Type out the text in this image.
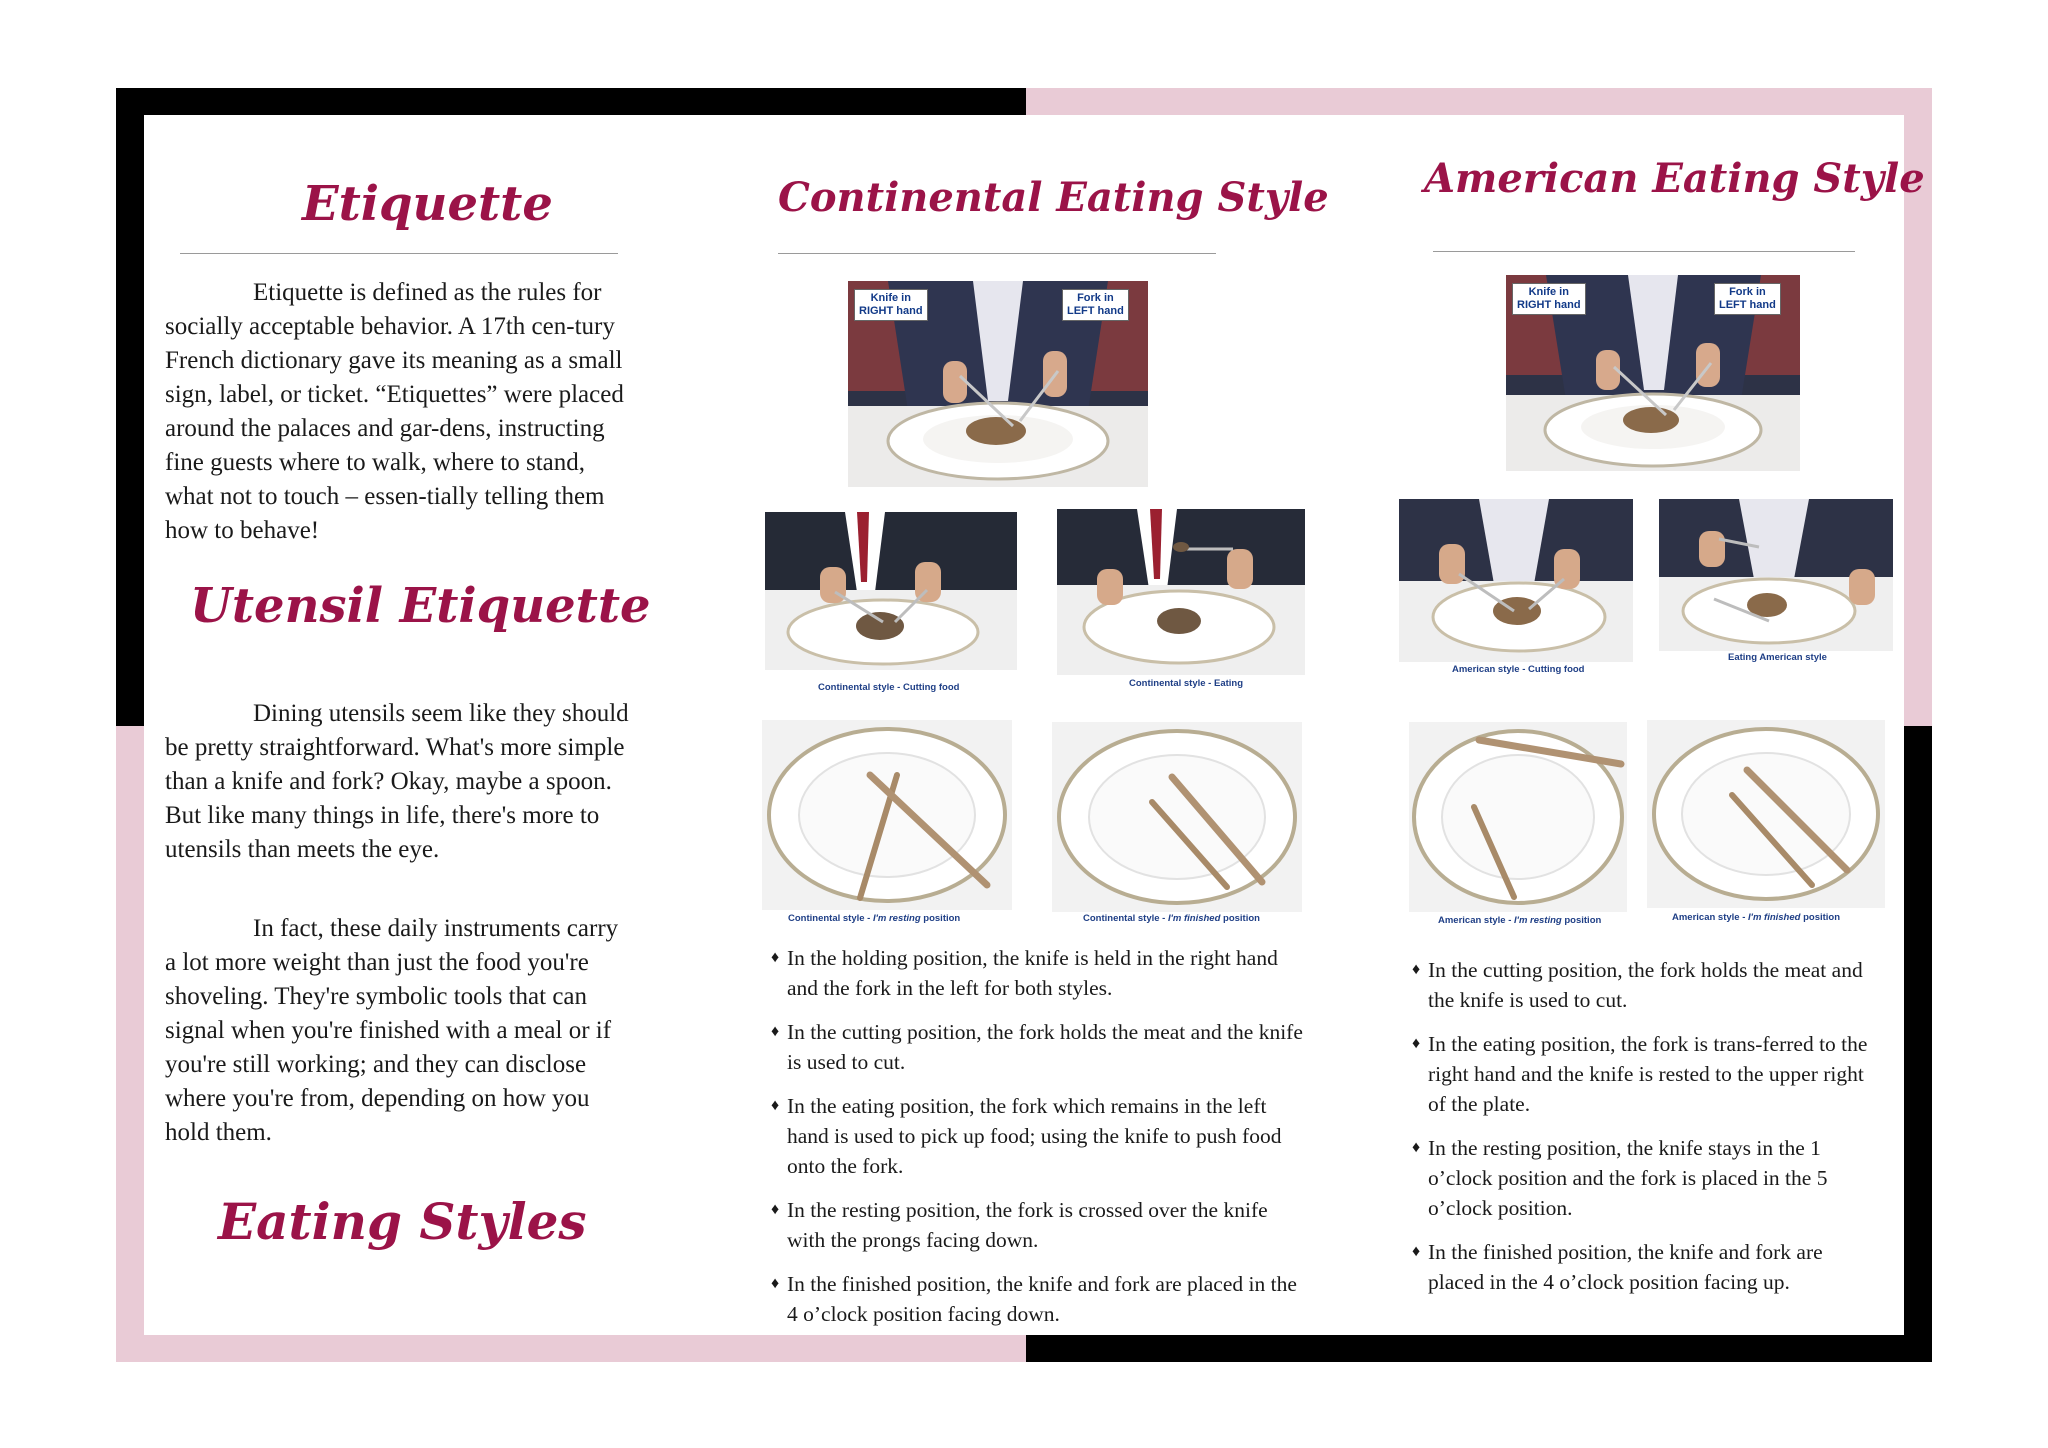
Etiquette

Etiquette is defined as the rules for socially acceptable behavior. A 17th cen-tury French dictionary gave its meaning as a small sign, label, or ticket. “Etiquettes” were placed around the palaces and gar-dens, instructing fine guests where to walk, where to stand, what not to touch – essen-tially telling them how to behave!

Utensil Etiquette

Dining utensils seem like they should be pretty straightforward. What's more simple than a knife and fork? Okay, maybe a spoon. But like many things in life, there's more to utensils than meets the eye.

In fact, these daily instruments carry a lot more weight than just the food you're shoveling. They're symbolic tools that can signal when you're finished with a meal or if you're still working; and they can disclose where you're from, depending on how you hold them.

Eating Styles
Continental Eating Style
Knife in
RIGHT hand
Fork in
LEFT hand
Continental style - Cutting food	Continental style - Eating
Continental style - I'm resting position	Continental style - I'm finished position
♦ In the holding position, the knife is held in the right hand and the fork in the left for both styles.
♦ In the cutting position, the fork holds the meat and the knife is used to cut.
♦ In the eating position, the fork which remains in the left hand is used to pick up food; using the knife to push food onto the fork.
♦ In the resting position, the fork is crossed over the knife with the prongs facing down.
♦ In the finished position, the knife and fork are placed in the 4 o’clock position facing down.
American Eating Style
Knife in
RIGHT hand
Fork in
LEFT hand
American style - Cutting food
Eating American style
American style - I'm resting position	American style - I'm finished position
♦ In the cutting position, the fork holds the meat and the knife is used to cut.
♦ In the eating position, the fork is trans-ferred to the right hand and the knife is rested to the upper right of the plate.
♦ In the resting position, the knife stays in the 1 o’clock position and the fork is placed in the 5 o’clock position.
♦ In the finished position, the knife and fork are placed in the 4 o’clock position facing up.
